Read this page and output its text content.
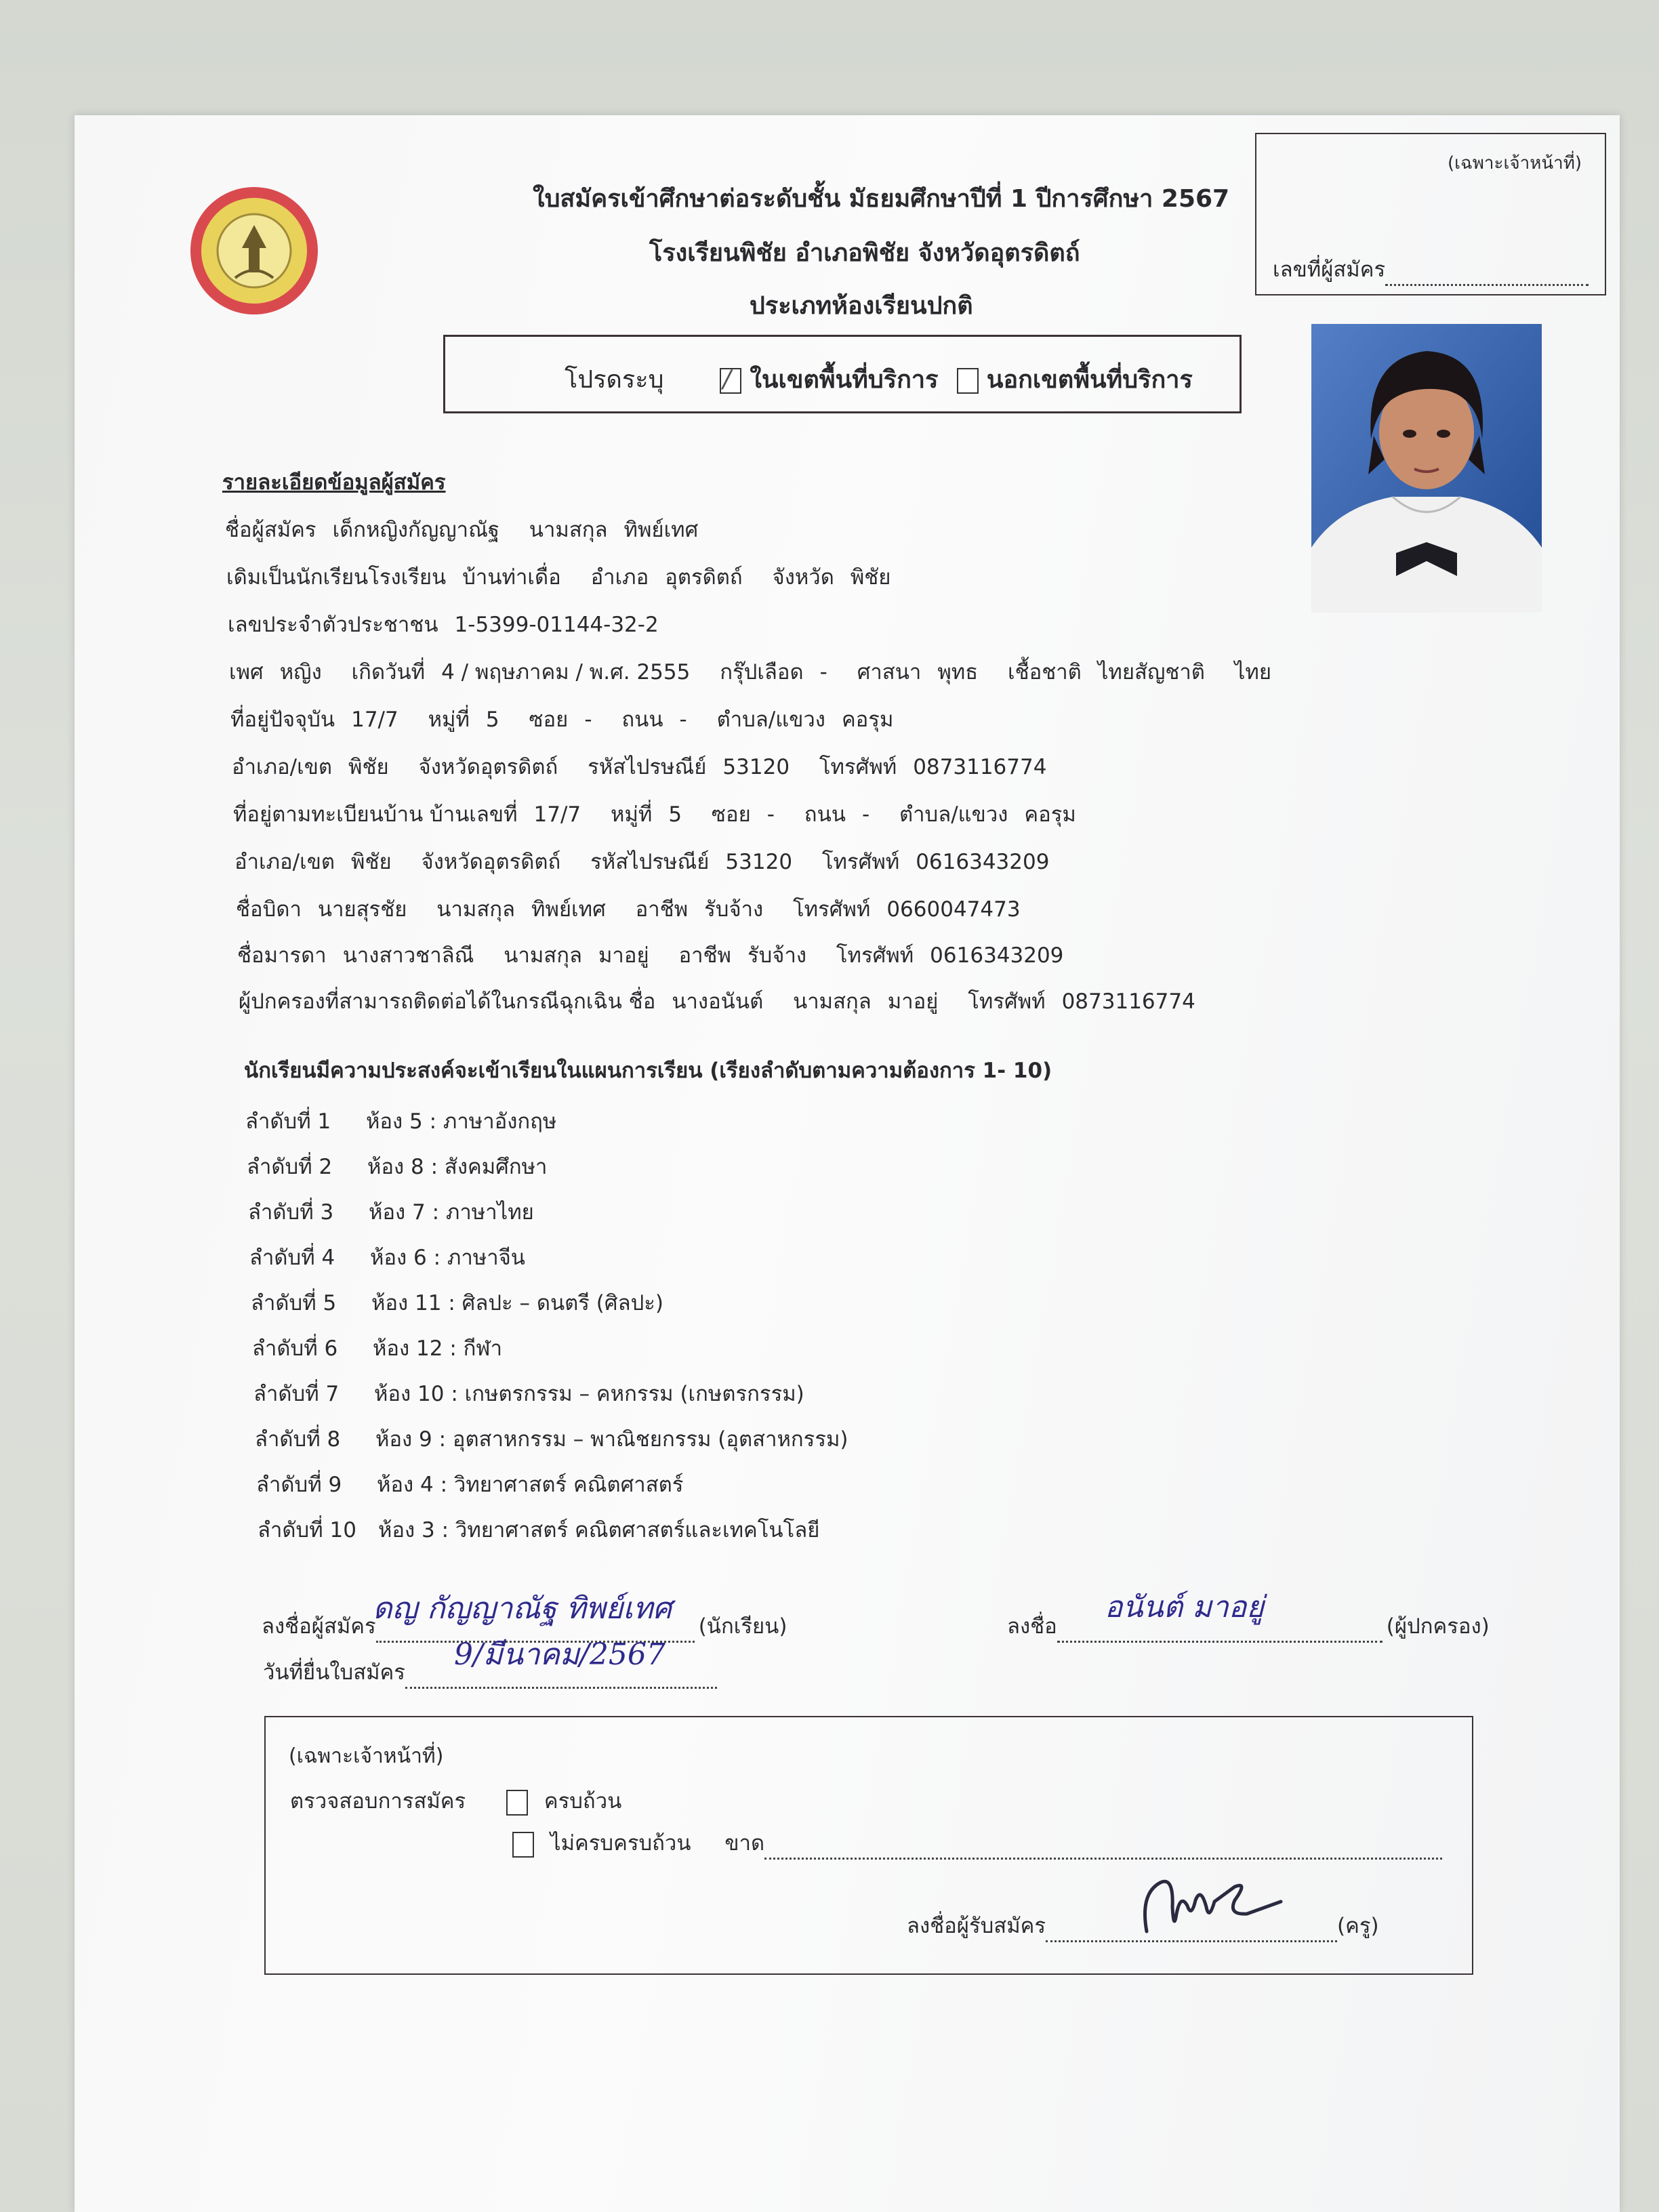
ใบสมัครเข้าศึกษาต่อระดับชั้น มัธยมศึกษาปีที่ 1 ปีการศึกษา 2567
โรงเรียนพิชัย อำเภอพิชัย จังหวัดอุตรดิตถ์
ประเภทห้องเรียนปกติ
(เฉพาะเจ้าหน้าที่)
เลขที่ผู้สมัคร
โปรดระบุ / ในเขตพื้นที่บริการ นอกเขตพื้นที่บริการ
รายละเอียดข้อมูลผู้สมัคร
ชื่อผู้สมัคร เด็กหญิงกัญญาณัฐ นามสกุล ทิพย์เทศ
เดิมเป็นนักเรียนโรงเรียน บ้านท่าเดื่อ อำเภอ อุตรดิตถ์ จังหวัด พิชัย
เลขประจำตัวประชาชน 1-5399-01144-32-2
เพศ หญิง เกิดวันที่ 4 / พฤษภาคม / พ.ศ. 2555 กรุ๊ปเลือด - ศาสนา พุทธ เชื้อชาติ ไทยสัญชาติ ไทย
ที่อยู่ปัจจุบัน 17/7 หมู่ที่ 5 ซอย - ถนน - ตำบล/แขวง คอรุม
อำเภอ/เขต พิชัย จังหวัดอุตรดิตถ์ รหัสไปรษณีย์ 53120 โทรศัพท์ 0873116774
ที่อยู่ตามทะเบียนบ้าน บ้านเลขที่ 17/7 หมู่ที่ 5 ซอย - ถนน - ตำบล/แขวง คอรุม
อำเภอ/เขต พิชัย จังหวัดอุตรดิตถ์ รหัสไปรษณีย์ 53120 โทรศัพท์ 0616343209
ชื่อบิดา นายสุรชัย นามสกุล ทิพย์เทศ อาชีพ รับจ้าง โทรศัพท์ 0660047473
ชื่อมารดา นางสาวชาลิณี นามสกุล มาอยู่ อาชีพ รับจ้าง โทรศัพท์ 0616343209
ผู้ปกครองที่สามารถติดต่อได้ในกรณีฉุกเฉิน ชื่อ นางอนันต์ นามสกุล มาอยู่ โทรศัพท์ 0873116774
นักเรียนมีความประสงค์จะเข้าเรียนในแผนการเรียน (เรียงลำดับตามความต้องการ 1- 10)
ลำดับที่ 1 ห้อง 5 : ภาษาอังกฤษ
ลำดับที่ 2 ห้อง 8 : สังคมศึกษา
ลำดับที่ 3 ห้อง 7 : ภาษาไทย
ลำดับที่ 4 ห้อง 6 : ภาษาจีน
ลำดับที่ 5 ห้อง 11 : ศิลปะ – ดนตรี (ศิลปะ)
ลำดับที่ 6 ห้อง 12 : กีฬา
ลำดับที่ 7 ห้อง 10 : เกษตรกรรม – คหกรรม (เกษตรกรรม)
ลำดับที่ 8 ห้อง 9 : อุตสาหกรรม – พาณิชยกรรม (อุตสาหกรรม)
ลำดับที่ 9 ห้อง 4 : วิทยาศาสตร์ คณิตศาสตร์
ลำดับที่ 10 ห้อง 3 : วิทยาศาสตร์ คณิตศาสตร์และเทคโนโลยี
ลงชื่อผู้สมัคร	(นักเรียน)
ดญ กัญญาณัฐ ทิพย์เทศ
ลงชื่อ	(ผู้ปกครอง)
อนันต์ มาอยู่
วันที่ยื่นใบสมัคร
9/มีนาคม/2567
(เฉพาะเจ้าหน้าที่)
ตรวจสอบการสมัคร	ครบถ้วน
ไม่ครบครบถ้วน ขาด
ลงชื่อผู้รับสมัคร	(ครู)
